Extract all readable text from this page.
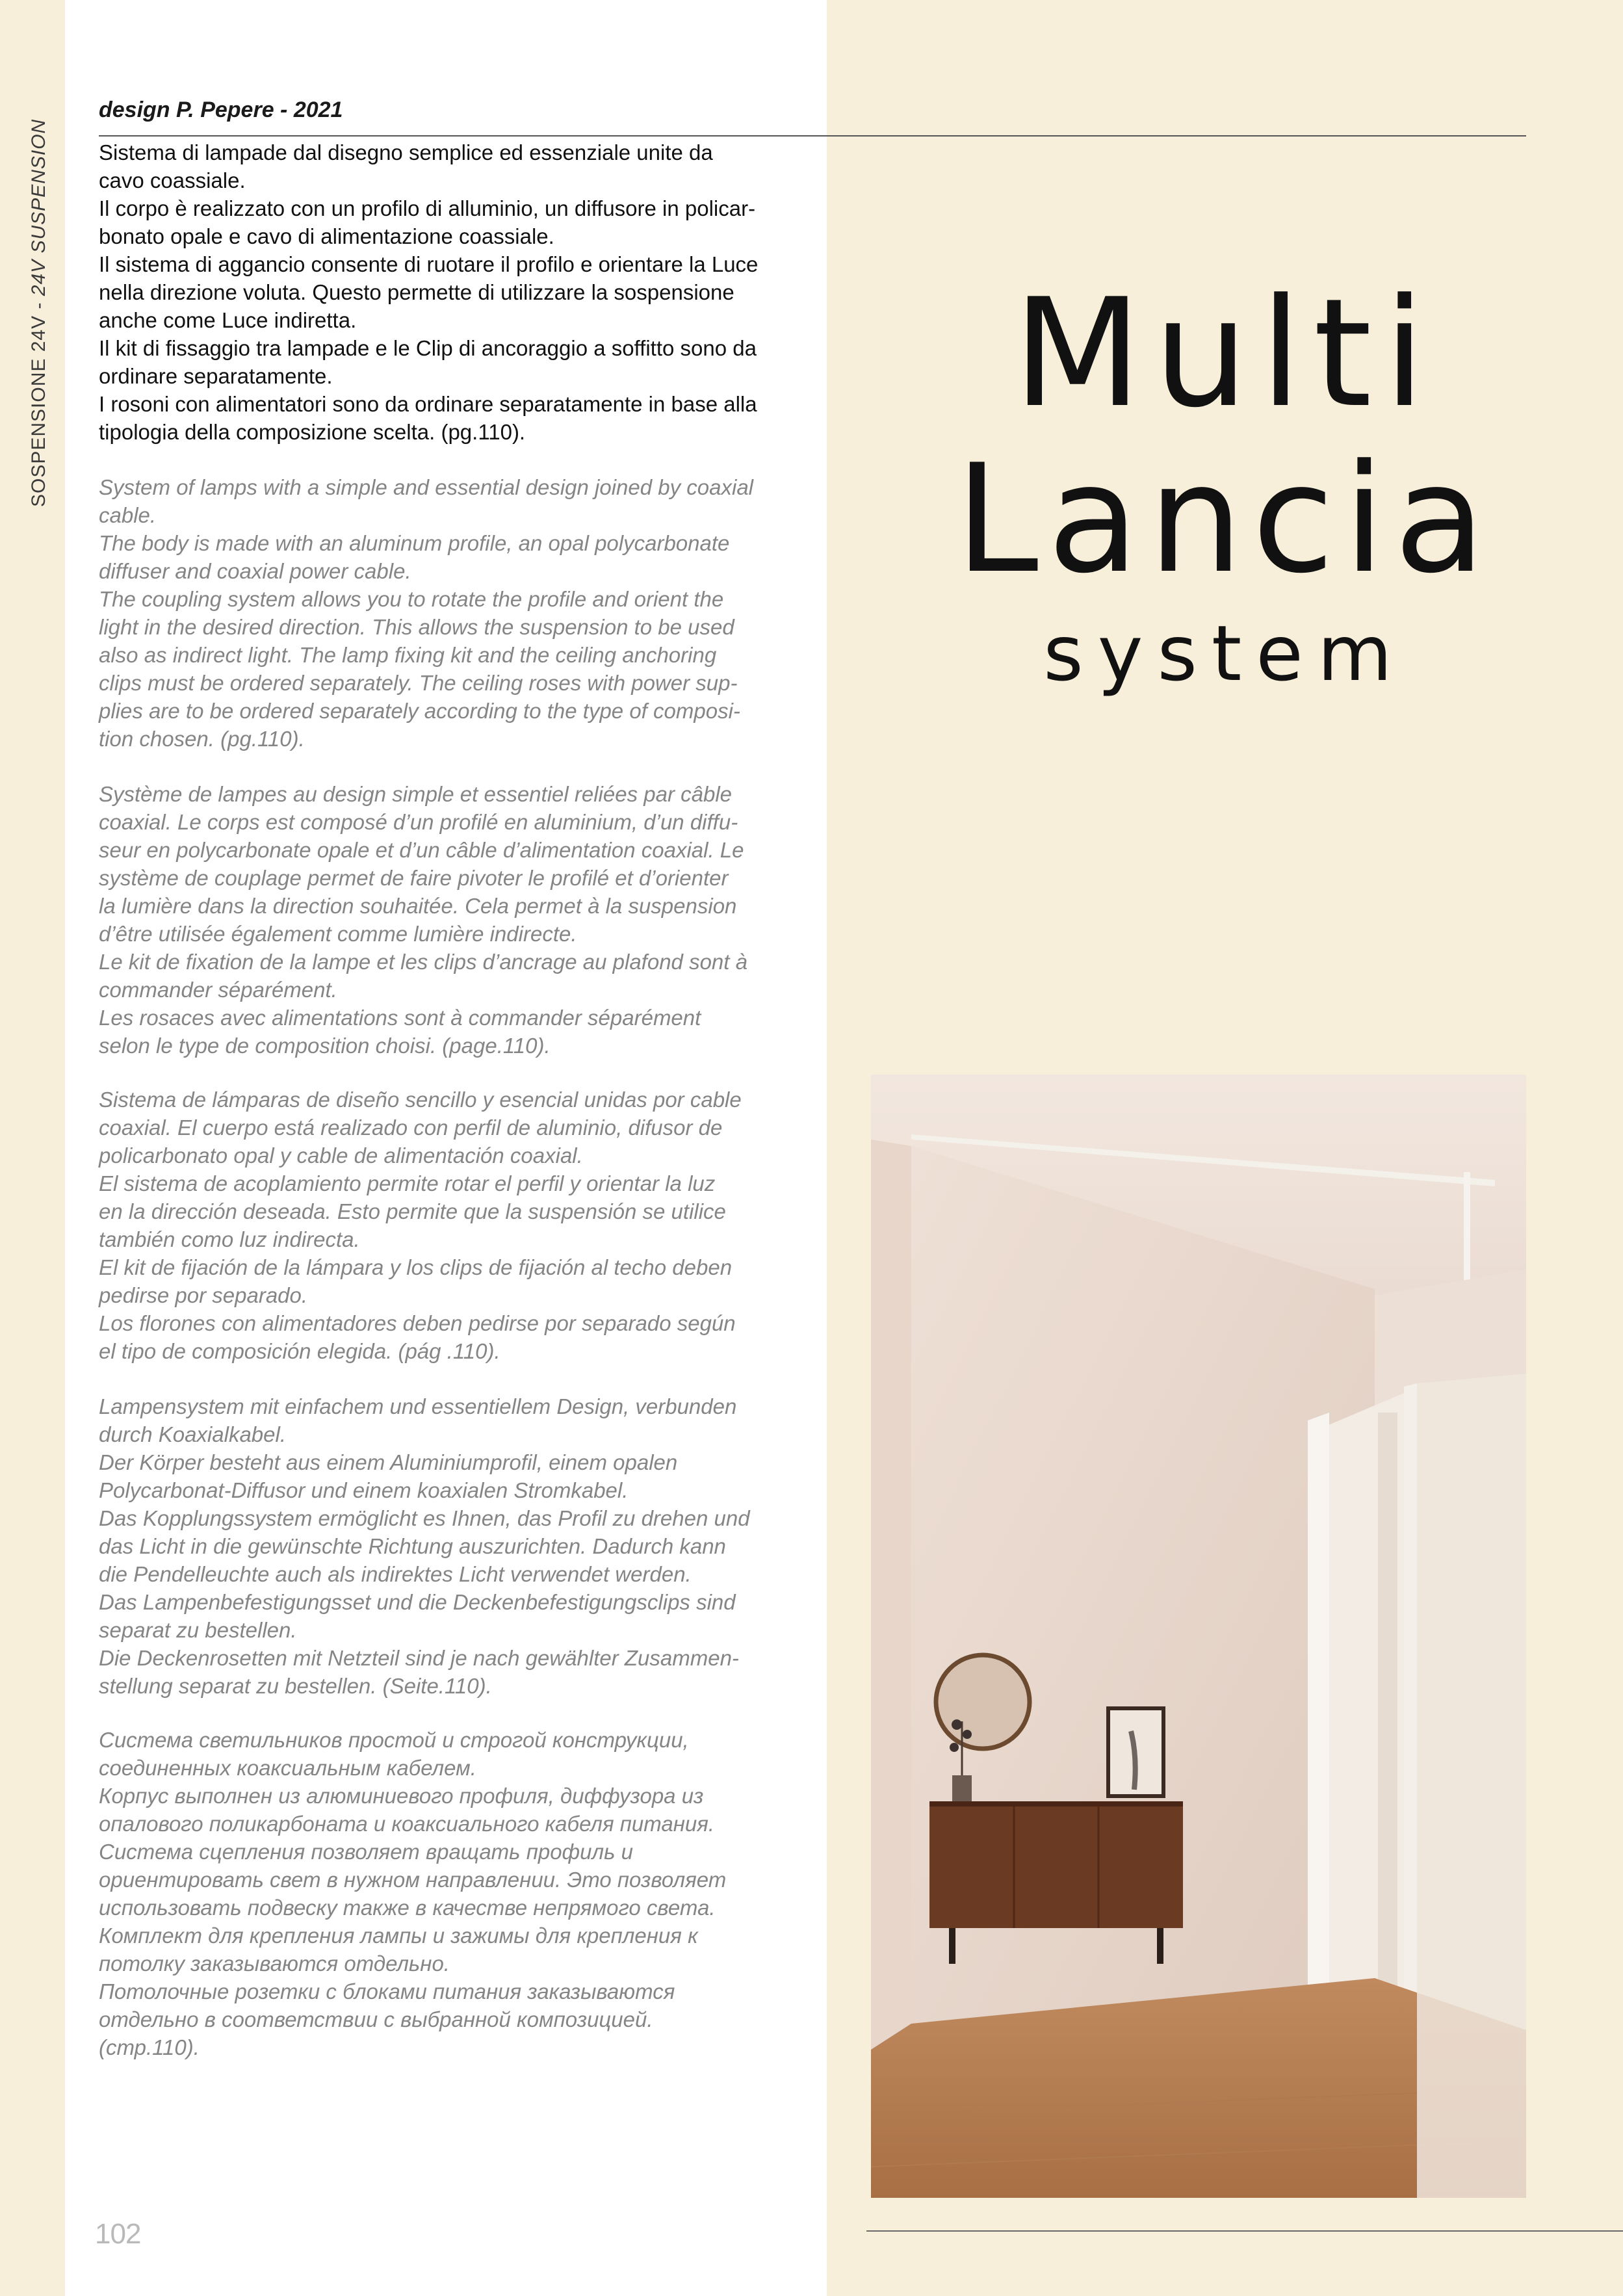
SOSPENSIONE 24V - 24V SUSPENSION
design P. Pepere - 2021

Sistema di lampade dal disegno semplice ed essenziale unite da

cavo coassiale.

Il corpo è realizzato con un profilo di alluminio, un diffusore in policar-

bonato opale e cavo di alimentazione coassiale.

Il sistema di aggancio consente di ruotare il profilo e orientare la Luce

nella direzione voluta. Questo permette di utilizzare la sospensione

anche come Luce indiretta.

Il kit di fissaggio tra lampade e le Clip di ancoraggio a soffitto sono da

ordinare separatamente.

I rosoni con alimentatori sono da ordinare separatamente in base alla

tipologia della composizione scelta. (pg.110).

System of lamps with a simple and essential design joined by coaxial

cable.

The body is made with an aluminum profile, an opal polycarbonate

diffuser and coaxial power cable.

The coupling system allows you to rotate the profile and orient the

light in the desired direction. This allows the suspension to be used

also as indirect light. The lamp fixing kit and the ceiling anchoring

clips must be ordered separately. The ceiling roses with power sup-

plies are to be ordered separately according to the type of composi-

tion chosen. (pg.110).

Système de lampes au design simple et essentiel reliées par câble

coaxial. Le corps est composé d’un profilé en aluminium, d’un diffu-

seur en polycarbonate opale et d’un câble d’alimentation coaxial. Le

système de couplage permet de faire pivoter le profilé et d’orienter

la lumière dans la direction souhaitée. Cela permet à la suspension

d’être utilisée également comme lumière indirecte.

Le kit de fixation de la lampe et les clips d’ancrage au plafond sont à

commander séparément.

Les rosaces avec alimentations sont à commander séparément

selon le type de composition choisi. (page.110).

Sistema de lámparas de diseño sencillo y esencial unidas por cable

coaxial. El cuerpo está realizado con perfil de aluminio, difusor de

policarbonato opal y cable de alimentación coaxial.

El sistema de acoplamiento permite rotar el perfil y orientar la luz

en la dirección deseada. Esto permite que la suspensión se utilice

también como luz indirecta.

El kit de fijación de la lámpara y los clips de fijación al techo deben

pedirse por separado.

Los florones con alimentadores deben pedirse por separado según

el tipo de composición elegida. (pág .110).

Lampensystem mit einfachem und essentiellem Design, verbunden

durch Koaxialkabel.

Der Körper besteht aus einem Aluminiumprofil, einem opalen

Polycarbonat-Diffusor und einem koaxialen Stromkabel.

Das Kopplungssystem ermöglicht es Ihnen, das Profil zu drehen und

das Licht in die gewünschte Richtung auszurichten. Dadurch kann

die Pendelleuchte auch als indirektes Licht verwendet werden.

Das Lampenbefestigungsset und die Deckenbefestigungsclips sind

separat zu bestellen.

Die Deckenrosetten mit Netzteil sind je nach gewählter Zusammen-

stellung separat zu bestellen. (Seite.110).

Система светильников простой и строгой конструкции,

соединенных коаксиальным кабелем.

Корпус выполнен из алюминиевого профиля, диффузора из

опалового поликарбоната и коаксиального кабеля питания.

Система сцепления позволяет вращать профиль и

ориентировать свет в нужном направлении. Это позволяет

использовать подвеску также в качестве непрямого света.

Комплект для крепления лампы и зажимы для крепления к

потолку заказываются отдельно.

Потолочные розетки с блоками питания заказываются

отдельно в соответствии с выбранной композицией.

(стр.110).

Multi
Lancia
system
102
